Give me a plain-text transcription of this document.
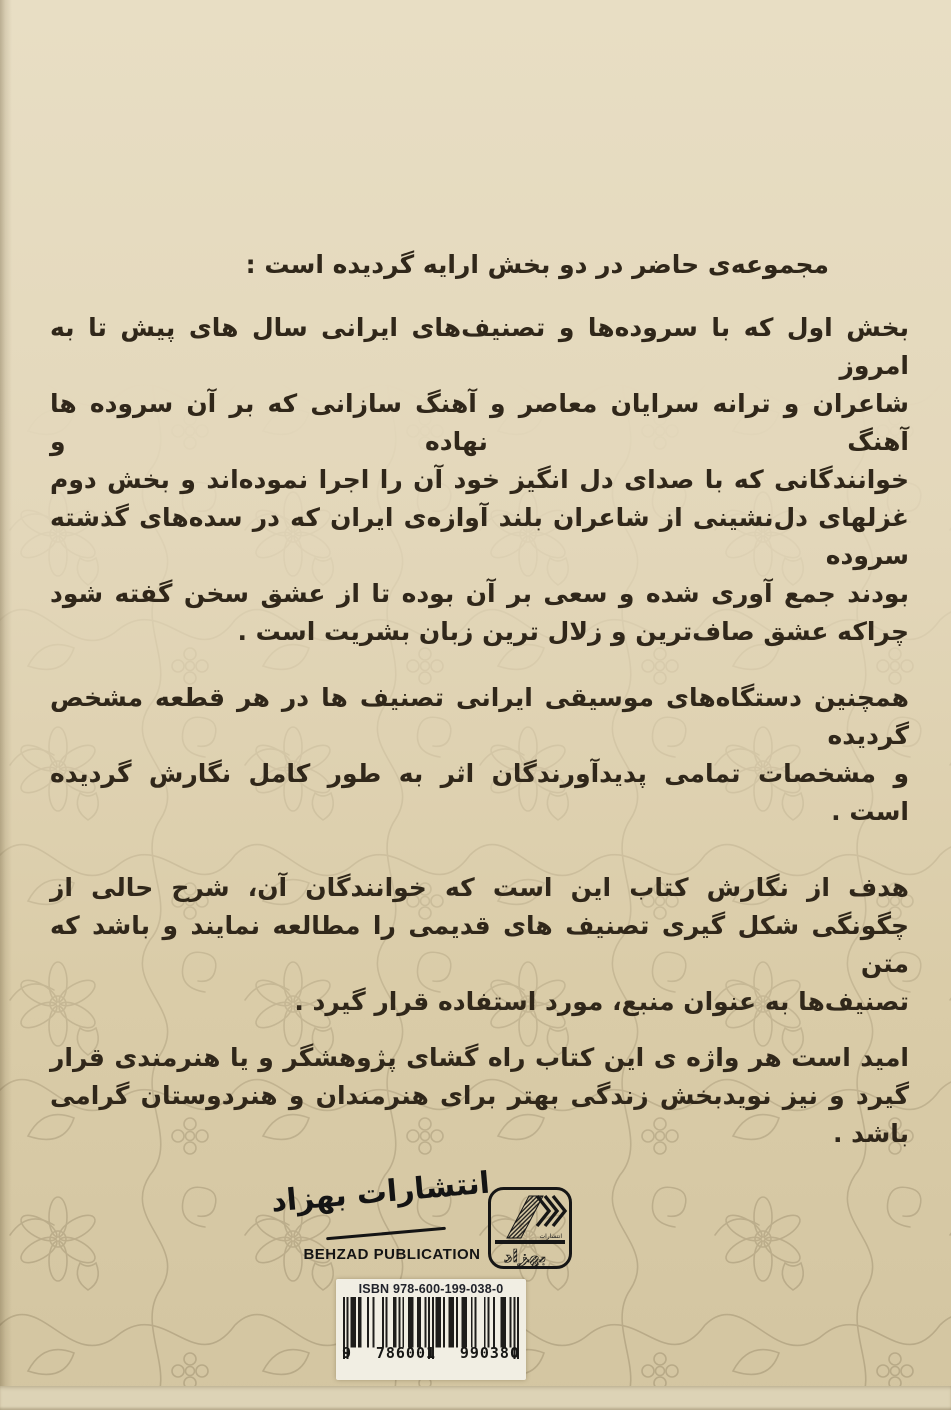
مجموعه‌ی حاضر در دو بخش ارایه گردیده است :
بخش اول که با سروده‌ها و تصنیف‌های ایرانی سال های پیش تا به امروز
شاعران و ترانه سرایان معاصر و آهنگ سازانی که بر آن سروده ها آهنگ نهاده و
خوانندگانی که با صدای دل انگیز خود آن را اجرا نموده‌اند و بخش دوم
غزلهای دل‌نشینی از شاعران بلند آوازه‌ی ایران که در سده‌های گذشته سروده
بودند جمع آوری شده و سعی بر آن بوده تا از عشق سخن گفته شود
چراکه عشق صاف‌ترین و زلال ترین زبان بشریت است .
همچنین دستگاه‌های موسیقی ایرانی تصنیف ها در هر قطعه مشخص گردیده
و مشخصات تمامی پدیدآورندگان اثر به طور کامل نگارش گردیده
است .
هدف از نگارش کتاب این است که خوانندگان آن، شرح حالی از
چگونگی شکل گیری تصنیف های قدیمی را مطالعه نمایند و باشد که متن
تصنیف‌ها به عنوان منبع، مورد استفاده قرار گیرد .
امید است هر واژه ی این کتاب راه گشای پژوهشگر و یا هنرمندی قرار
گیرد و نیز نویدبخش زندگی بهتر برای هنرمندان و هنردوستان گرامی
باشد .
انتشارات بهزاد
BEHZAD PUBLICATION
انتشارات
بهزاد
ISBN 978-600-199-038-0
9 786001 990380
